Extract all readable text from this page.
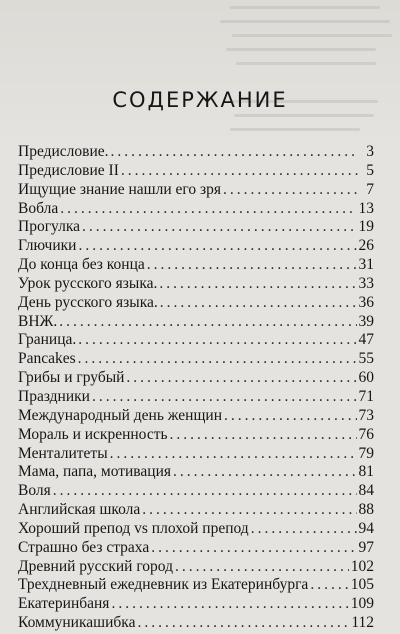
СОДЕРЖАНИЕ
Предисловие. .....	3
Предисловие II .....	5
Ищущие знание нашли его зря .....	7
Вобла .....	13
Прогулка .....	19
Глючики .....	26
До конца без конца .....	31
Урок русского языка. .....	33
День русского языка. .....	36
ВНЖ. .....	39
Граница. .....	47
Pancakes .....	55
Грибы и грубый .....	60
Праздники .....	71
Международный день женщин .....	73
Мораль и искренность .....	76
Менталитеты .....	79
Мама, папа, мотивация .....	81
Воля .....	84
Английская школа .....	88
Хороший препод vs плохой препод .....	94
Страшно без страха .....	97
Древний русский город .....	102
Трехдневный ежедневник из Екатеринбурга .....	105
Екатеринбаня .....	109
Коммуникашибка .....	112
